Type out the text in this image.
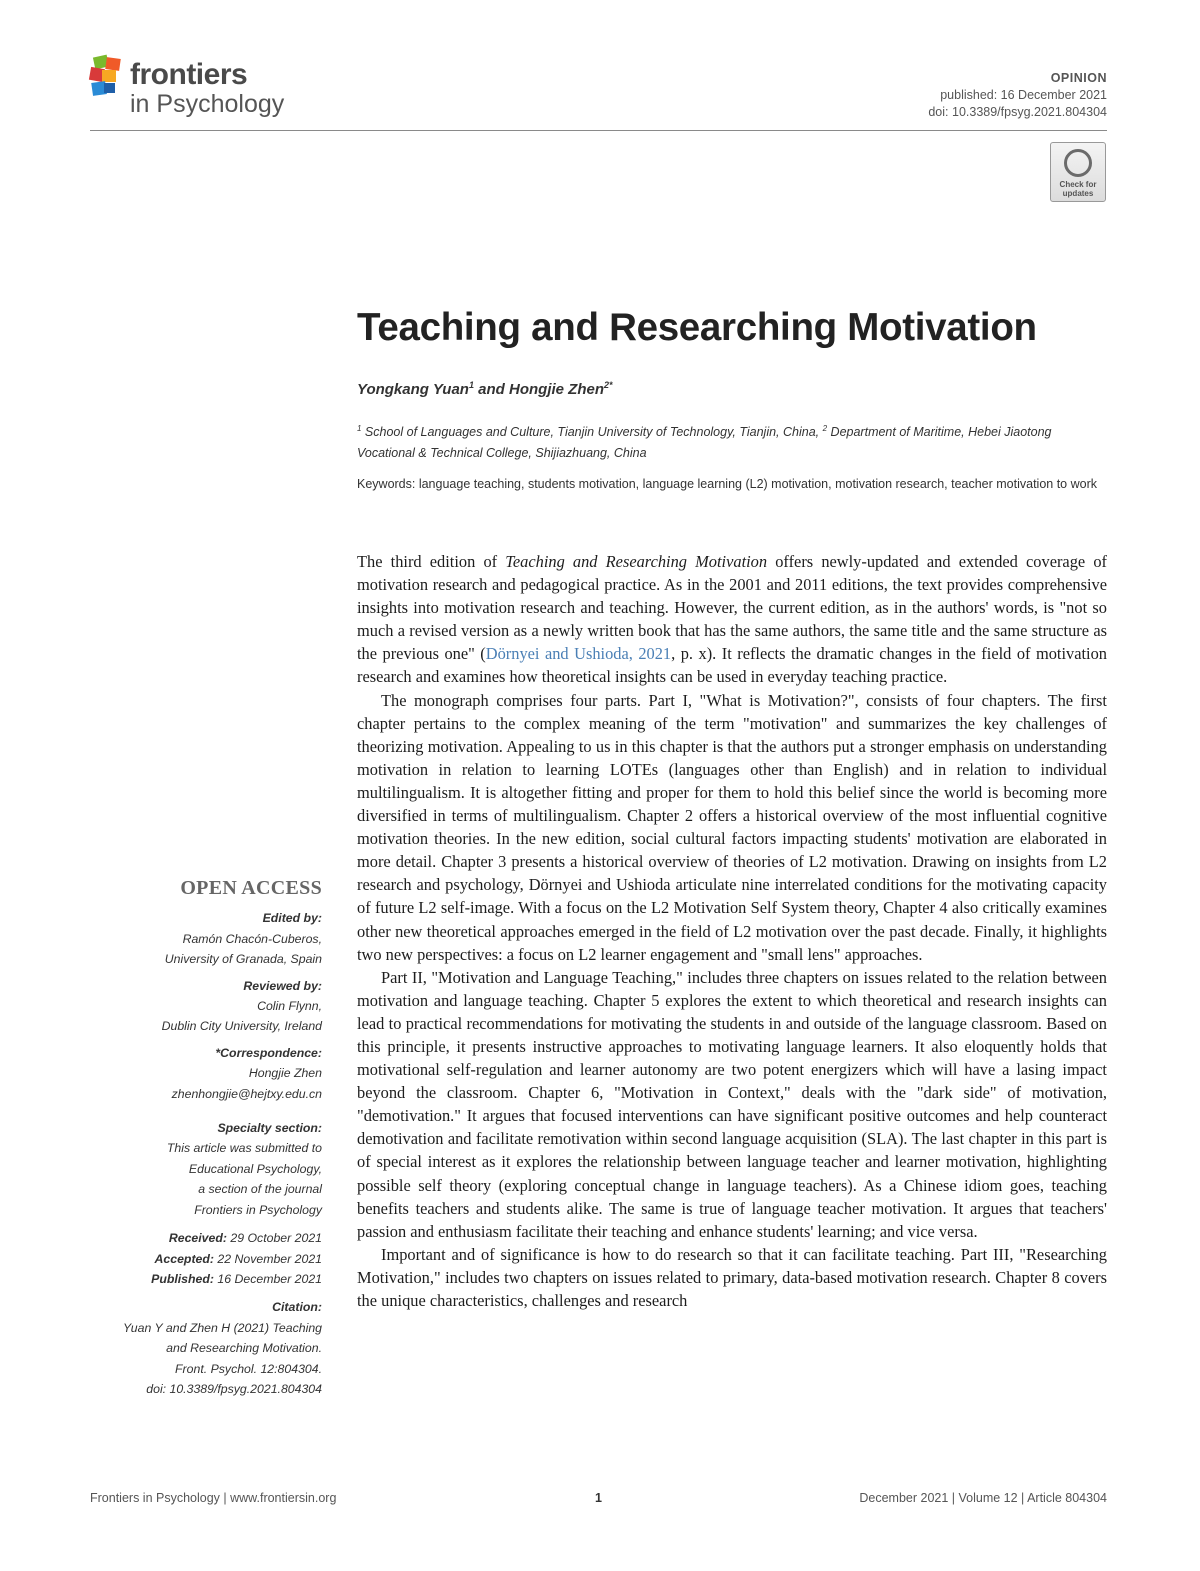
frontiers
in Psychology
OPINION
published: 16 December 2021
doi: 10.3389/fpsyg.2021.804304
Check for updates
Teaching and Researching Motivation
Yongkang Yuan$^1$ and Hongjie Zhen$^{2*}$
$^1$ School of Languages and Culture, Tianjin University of Technology, Tianjin, China, $^2$ Department of Maritime, Hebei Jiaotong Vocational & Technical College, Shijiazhuang, China
Keywords: language teaching, students motivation, language learning (L2) motivation, motivation research, teacher motivation to work

The third edition of Teaching and Researching Motivation offers newly-updated and extended coverage of motivation research and pedagogical practice. As in the 2001 and 2011 editions, the text provides comprehensive insights into motivation research and teaching. However, the current edition, as in the authors' words, is "not so much a revised version as a newly written book that has the same authors, the same title and the same structure as the previous one" (Dörnyei and Ushioda, 2021, p. x). It reflects the dramatic changes in the field of motivation research and examines how theoretical insights can be used in everyday teaching practice.

The monograph comprises four parts. Part I, "What is Motivation?", consists of four chapters. The first chapter pertains to the complex meaning of the term "motivation" and summarizes the key challenges of theorizing motivation. Appealing to us in this chapter is that the authors put a stronger emphasis on understanding motivation in relation to learning LOTEs (languages other than English) and in relation to individual multilingualism. It is altogether fitting and proper for them to hold this belief since the world is becoming more diversified in terms of multilingualism. Chapter 2 offers a historical overview of the most influential cognitive motivation theories. In the new edition, social cultural factors impacting students' motivation are elaborated in more detail. Chapter 3 presents a historical overview of theories of L2 motivation. Drawing on insights from L2 research and psychology, Dörnyei and Ushioda articulate nine interrelated conditions for the motivating capacity of future L2 self-image. With a focus on the L2 Motivation Self System theory, Chapter 4 also critically examines other new theoretical approaches emerged in the field of L2 motivation over the past decade. Finally, it highlights two new perspectives: a focus on L2 learner engagement and "small lens" approaches.

Part II, "Motivation and Language Teaching," includes three chapters on issues related to the relation between motivation and language teaching. Chapter 5 explores the extent to which theoretical and research insights can lead to practical recommendations for motivating the students in and outside of the language classroom. Based on this principle, it presents instructive approaches to motivating language learners. It also eloquently holds that motivational self-regulation and learner autonomy are two potent energizers which will have a lasing impact beyond the classroom. Chapter 6, "Motivation in Context," deals with the "dark side" of motivation, "demotivation." It argues that focused interventions can have significant positive outcomes and help counteract demotivation and facilitate remotivation within second language acquisition (SLA). The last chapter in this part is of special interest as it explores the relationship between language teacher and learner motivation, highlighting possible self theory (exploring conceptual change in language teachers). As a Chinese idiom goes, teaching benefits teachers and students alike. The same is true of language teacher motivation. It argues that teachers' passion and enthusiasm facilitate their teaching and enhance students' learning; and vice versa.

Important and of significance is how to do research so that it can facilitate teaching. Part III, "Researching Motivation," includes two chapters on issues related to primary, data-based motivation research. Chapter 8 covers the unique characteristics, challenges and research

OPEN ACCESS
Edited by:
Ramón Chacón-Cuberos,
University of Granada, Spain
Reviewed by:
Colin Flynn,
Dublin City University, Ireland
*Correspondence:
Hongjie Zhen
zhenhongjie@hejtxy.edu.cn
Specialty section:
This article was submitted to
Educational Psychology,
a section of the journal
Frontiers in Psychology
Received: 29 October 2021
Accepted: 22 November 2021
Published: 16 December 2021
Citation:
Yuan Y and Zhen H (2021) Teaching
and Researching Motivation.
Front. Psychol. 12:804304.
doi: 10.3389/fpsyg.2021.804304
Frontiers in Psychology | www.frontiersin.org	1	December 2021 | Volume 12 | Article 804304
